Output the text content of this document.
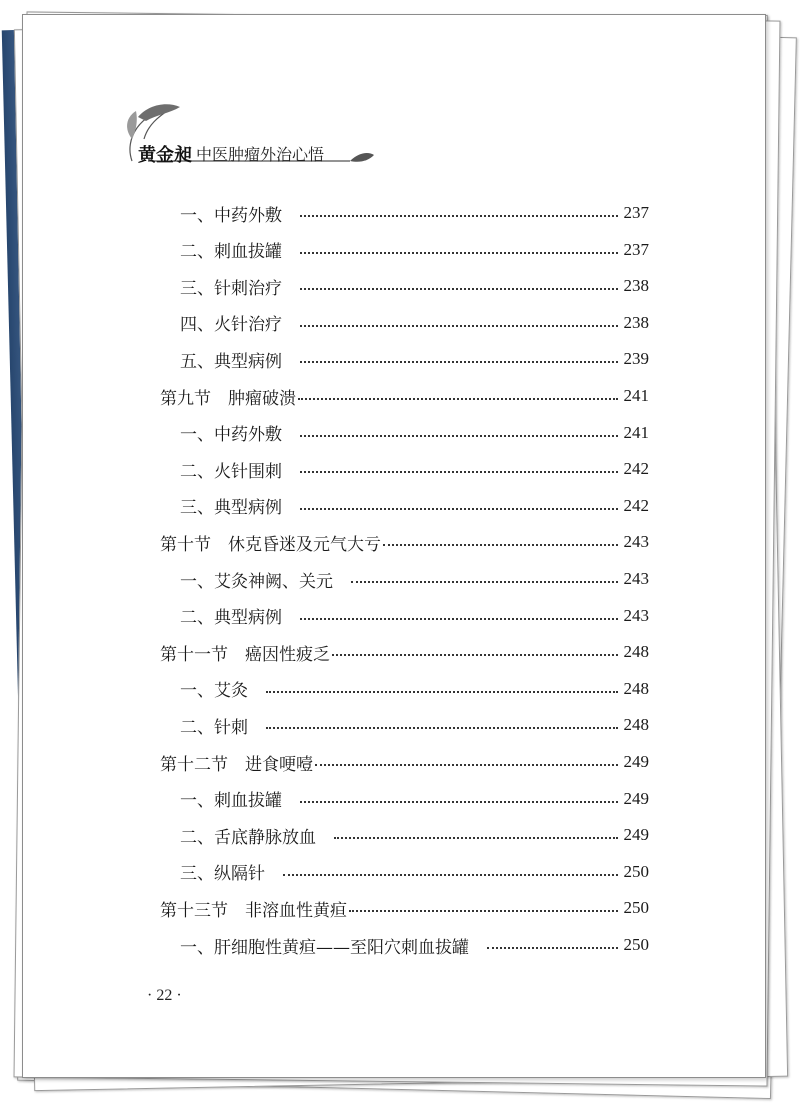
黄金昶 中医肿瘤外治心悟
一、中药外敷	237
二、刺血拔罐	237
三、针刺治疗	238
四、火针治疗	238
五、典型病例	239
第九节　肿瘤破溃	241
一、中药外敷	241
二、火针围刺	242
三、典型病例	242
第十节　休克昏迷及元气大亏	243
一、艾灸神阙、关元	243
二、典型病例	243
第十一节　癌因性疲乏	248
一、艾灸	248
二、针刺	248
第十二节　进食哽噎	249
一、刺血拔罐	249
二、舌底静脉放血	249
三、纵隔针	250
第十三节　非溶血性黄疸	250
一、肝细胞性黄疸——至阳穴刺血拔罐	250
· 22 ·
